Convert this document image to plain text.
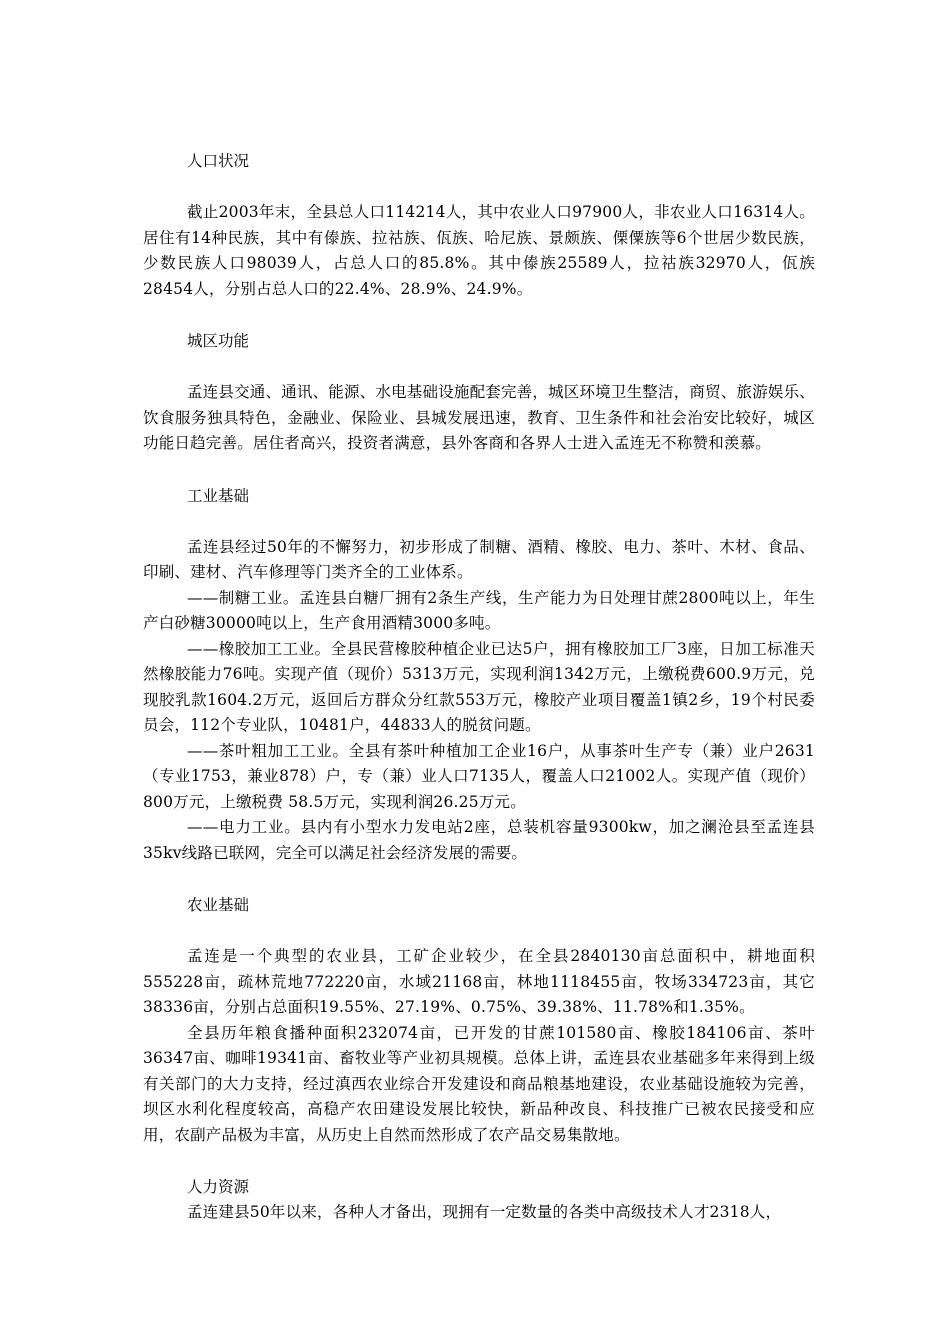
人口状况

截止2003年末，全县总人口114214人，其中农业人口97900人，非农业人口16314人。居住有14种民族，其中有傣族、拉祜族、佤族、哈尼族、景颇族、傈僳族等6个世居少数民族，少数民族人口98039人，占总人口的85.8%。其中傣族25589人，拉祜族32970人，佤族28454人，分别占总人口的22.4%、28.9%、24.9%。

城区功能

孟连县交通、通讯、能源、水电基础设施配套完善，城区环境卫生整洁，商贸、旅游娱乐、饮食服务独具特色，金融业、保险业、县城发展迅速，教育、卫生条件和社会治安比较好，城区功能日趋完善。居住者高兴，投资者满意，县外客商和各界人士进入孟连无不称赞和羡慕。

工业基础

孟连县经过50年的不懈努力，初步形成了制糖、酒精、橡胶、电力、茶叶、木材、食品、印刷、建材、汽车修理等门类齐全的工业体系。

——制糖工业。孟连县白糖厂拥有2条生产线，生产能力为日处理甘蔗2800吨以上，年生产白砂糖30000吨以上，生产食用酒精3000多吨。

——橡胶加工工业。全县民营橡胶种植企业已达5户，拥有橡胶加工厂3座，日加工标准天然橡胶能力76吨。实现产值（现价）5313万元，实现利润1342万元，上缴税费600.9万元，兑现胶乳款1604.2万元，返回后方群众分红款553万元，橡胶产业项目覆盖1镇2乡，19个村民委员会，112个专业队，10481户，44833人的脱贫问题。

——茶叶粗加工工业。全县有茶叶种植加工企业16户，从事茶叶生产专（兼）业户2631（专业1753，兼业878）户，专（兼）业人口7135人，覆盖人口21002人。实现产值（现价）800万元，上缴税费 58.5万元，实现利润26.25万元。

——电力工业。县内有小型水力发电站2座，总装机容量9300kw，加之澜沧县至孟连县35kv线路已联网，完全可以满足社会经济发展的需要。

农业基础

孟连是一个典型的农业县，工矿企业较少，在全县2840130亩总面积中，耕地面积555228亩，疏林荒地772220亩，水域21168亩，林地1118455亩，牧场334723亩，其它38336亩，分别占总面积19.55%、27.19%、0.75%、39.38%、11.78%和1.35%。

全县历年粮食播种面积232074亩，已开发的甘蔗101580亩、橡胶184106亩、茶叶36347亩、咖啡19341亩、畜牧业等产业初具规模。总体上讲，孟连县农业基础多年来得到上级有关部门的大力支持，经过滇西农业综合开发建设和商品粮基地建设，农业基础设施较为完善，坝区水利化程度较高，高稳产农田建设发展比较快，新品种改良、科技推广已被农民接受和应用，农副产品极为丰富，从历史上自然而然形成了农产品交易集散地。

人力资源

孟连建县50年以来，各种人才备出，现拥有一定数量的各类中高级技术人才2318人，
